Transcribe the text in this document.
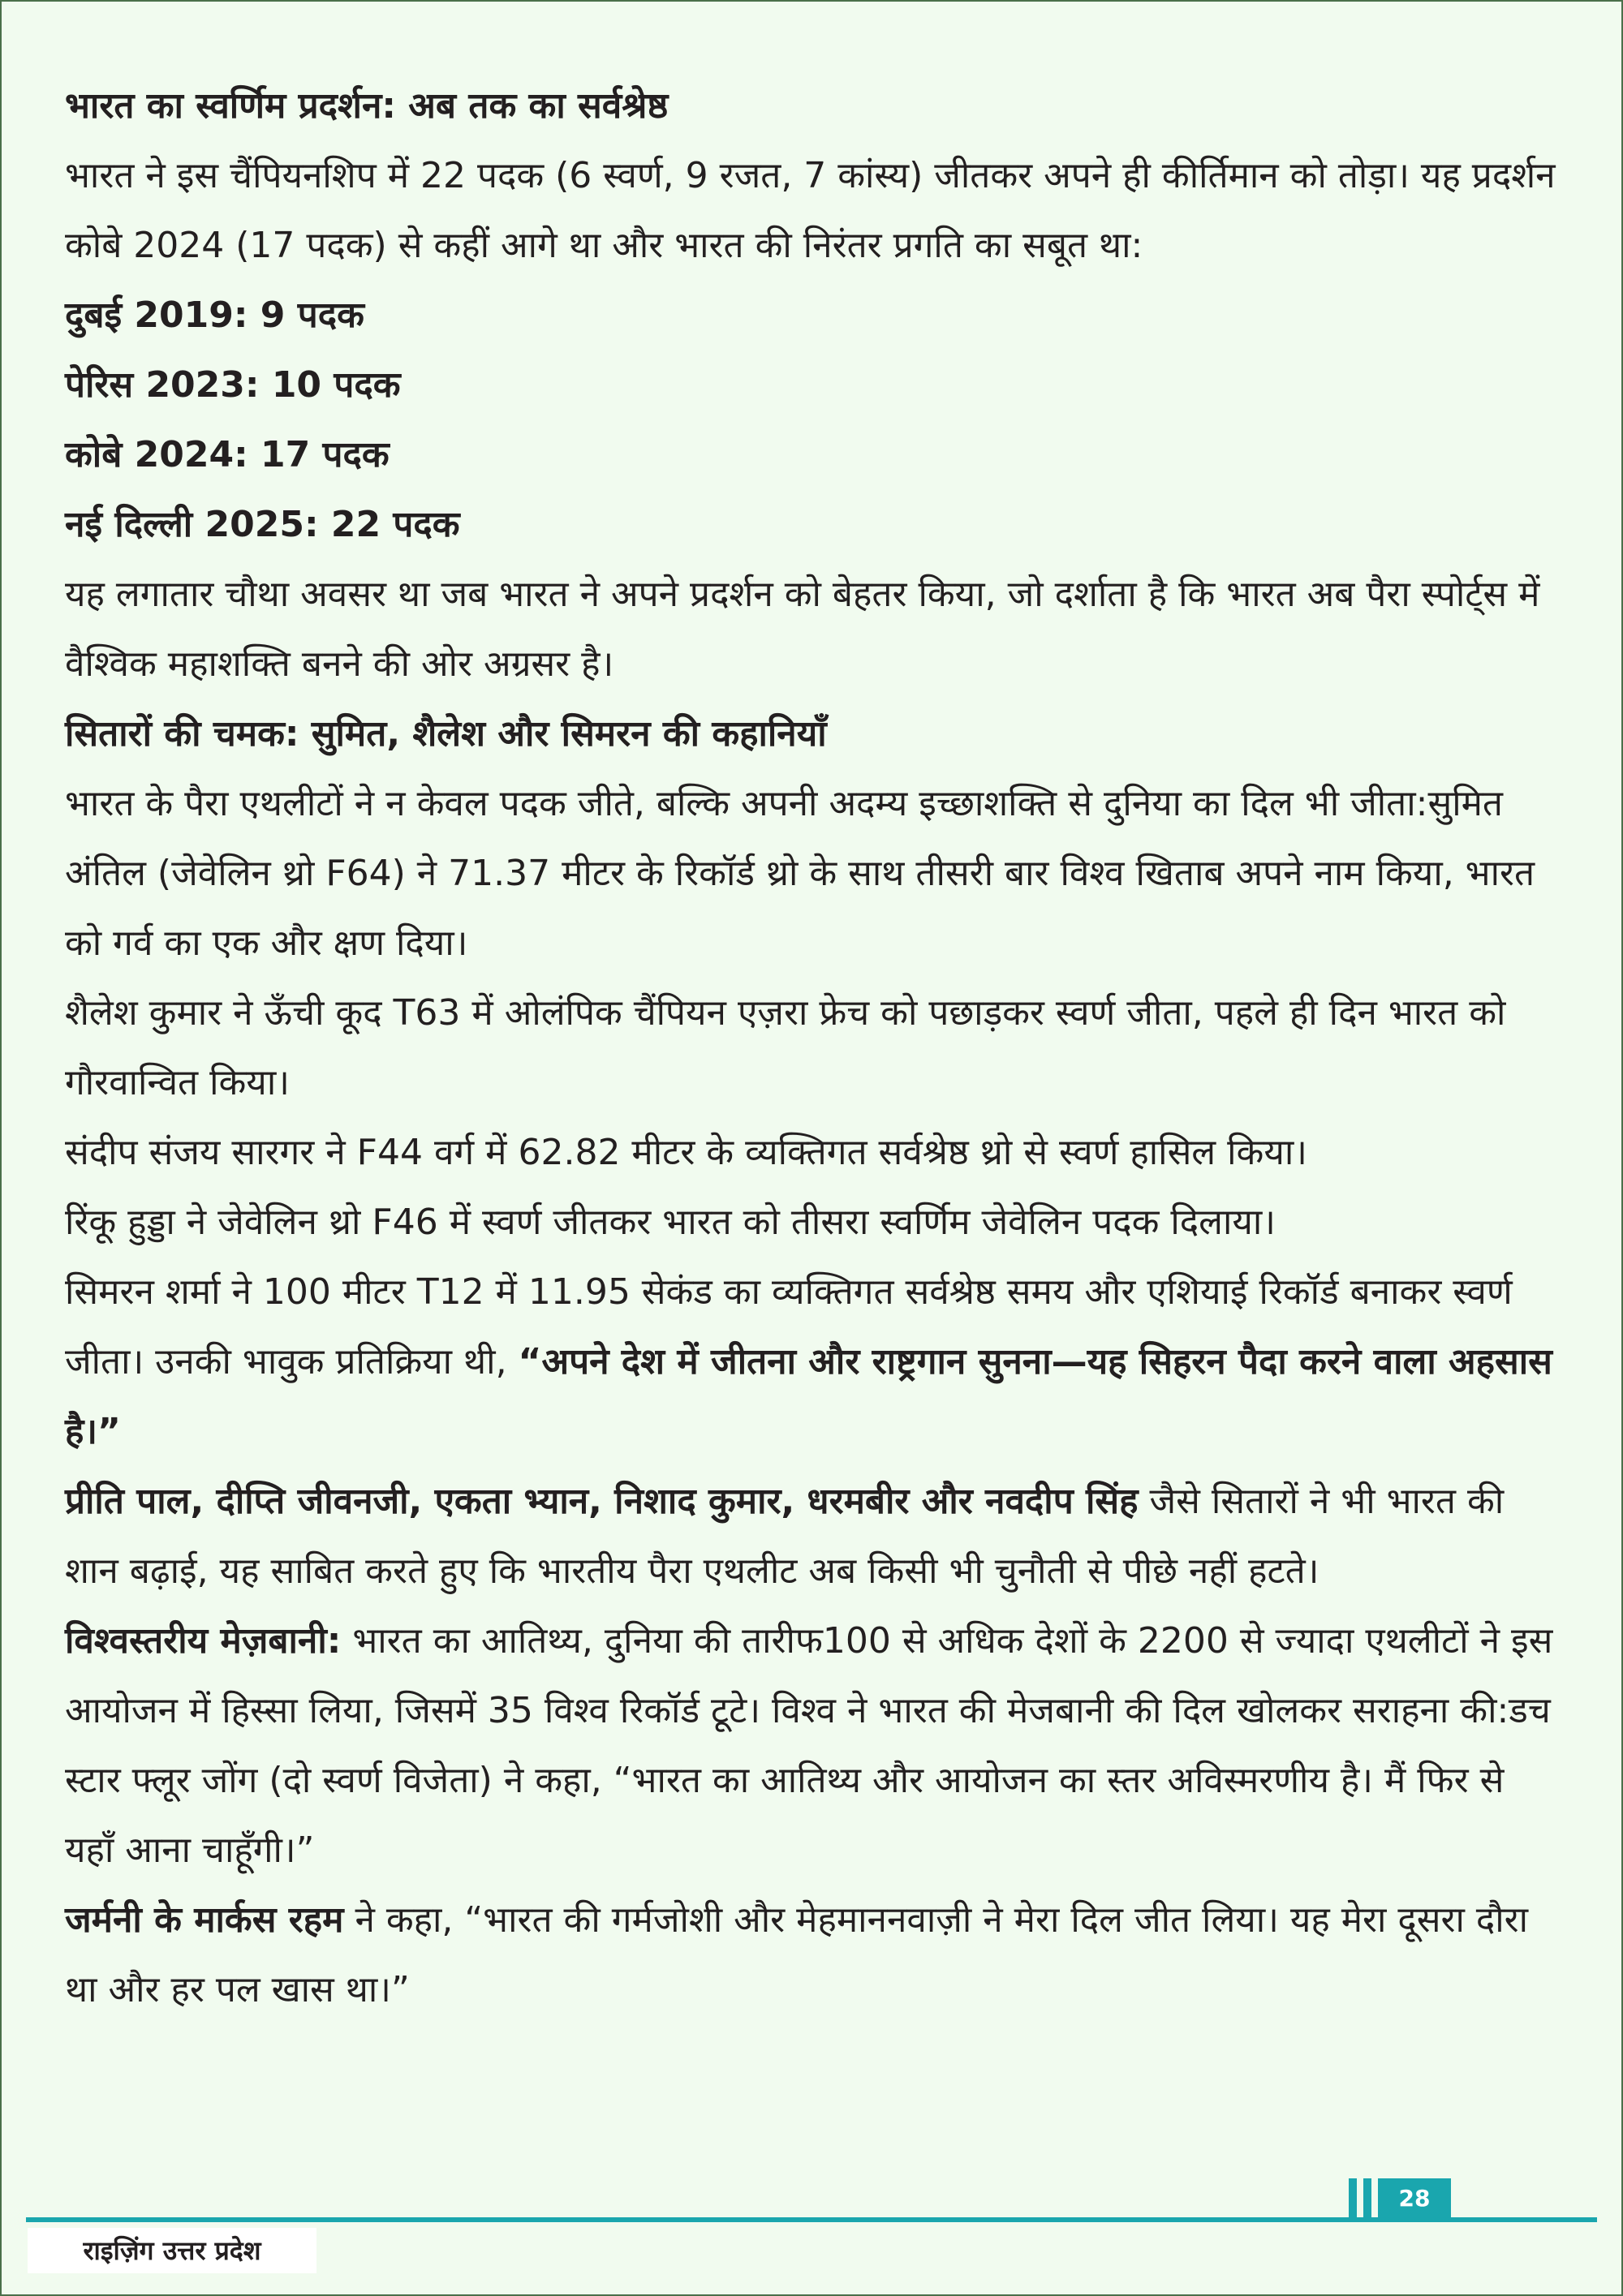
भारत का स्वर्णिम प्रदर्शन: अब तक का सर्वश्रेष्ठ

भारत ने इस चैंपियनशिप में 22 पदक (6 स्वर्ण, 9 रजत, 7 कांस्य) जीतकर अपने ही कीर्तिमान को तोड़ा। यह प्रदर्शन कोबे 2024 (17 पदक) से कहीं आगे था और भारत की निरंतर प्रगति का सबूत था:

दुबई 2019: 9 पदक

पेरिस 2023: 10 पदक

कोबे 2024: 17 पदक

नई दिल्ली 2025: 22 पदक

यह लगातार चौथा अवसर था जब भारत ने अपने प्रदर्शन को बेहतर किया, जो दर्शाता है कि भारत अब पैरा स्पोर्ट्स में वैश्विक महाशक्ति बनने की ओर अग्रसर है।

सितारों की चमक: सुमित, शैलेश और सिमरन की कहानियाँ

भारत के पैरा एथलीटों ने न केवल पदक जीते, बल्कि अपनी अदम्य इच्छाशक्ति से दुनिया का दिल भी जीता:सुमित अंतिल (जेवेलिन थ्रो F64) ने 71.37 मीटर के रिकॉर्ड थ्रो के साथ तीसरी बार विश्व खिताब अपने नाम किया, भारत को गर्व का एक और क्षण दिया।

शैलेश कुमार ने ऊँची कूद T63 में ओलंपिक चैंपियन एज़रा फ्रेच को पछाड़कर स्वर्ण जीता, पहले ही दिन भारत को गौरवान्वित किया।

संदीप संजय सारगर ने F44 वर्ग में 62.82 मीटर के व्यक्तिगत सर्वश्रेष्ठ थ्रो से स्वर्ण हासिल किया।

रिंकू हुड्डा ने जेवेलिन थ्रो F46 में स्वर्ण जीतकर भारत को तीसरा स्वर्णिम जेवेलिन पदक दिलाया।

सिमरन शर्मा ने 100 मीटर T12 में 11.95 सेकंड का व्यक्तिगत सर्वश्रेष्ठ समय और एशियाई रिकॉर्ड बनाकर स्वर्ण जीता। उनकी भावुक प्रतिक्रिया थी, “अपने देश में जीतना और राष्ट्रगान सुनना—यह सिहरन पैदा करने वाला अहसास है।”

प्रीति पाल, दीप्ति जीवनजी, एकता भ्यान, निशाद कुमार, धरमबीर और नवदीप सिंह जैसे सितारों ने भी भारत की शान बढ़ाई, यह साबित करते हुए कि भारतीय पैरा एथलीट अब किसी भी चुनौती से पीछे नहीं हटते।

विश्वस्तरीय मेज़बानी: भारत का आतिथ्य, दुनिया की तारीफ100 से अधिक देशों के 2200 से ज्यादा एथलीटों ने इस आयोजन में हिस्सा लिया, जिसमें 35 विश्व रिकॉर्ड टूटे। विश्व ने भारत की मेजबानी की दिल खोलकर सराहना की:डच स्टार फ्लूर जोंग (दो स्वर्ण विजेता) ने कहा, “भारत का आतिथ्य और आयोजन का स्तर अविस्मरणीय है। मैं फिर से यहाँ आना चाहूँगी।”

जर्मनी के मार्कस रहम ने कहा, “भारत की गर्मजोशी और मेहमाननवाज़ी ने मेरा दिल जीत लिया। यह मेरा दूसरा दौरा था और हर पल खास था।”

28
राइज़िंग उत्तर प्रदेश
